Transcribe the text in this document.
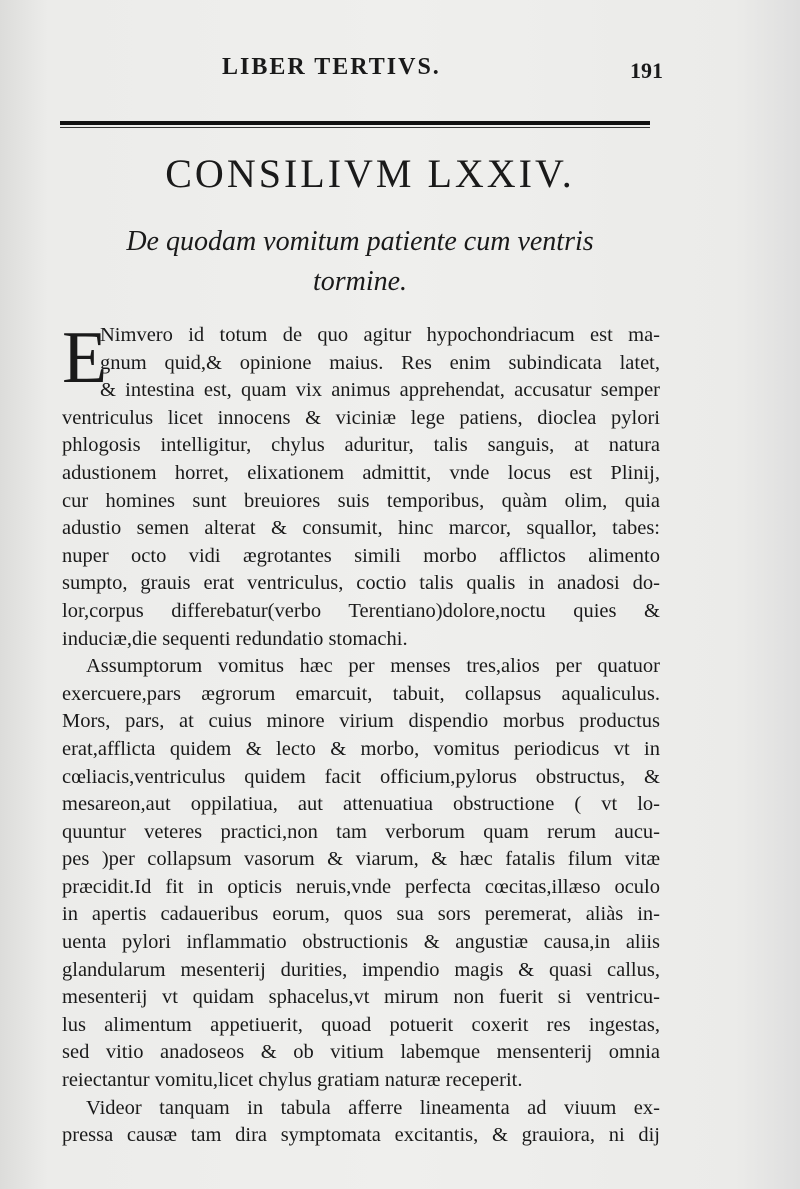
LIBER TERTIVS.	191
CONSILIVM LXXIV.
De quodam vomitum patiente cum ventris
tormine.
E
Nimvero id totum de quo agitur hypochondriacum est ma-
gnum quid,& opinione maius. Res enim subindicata latet,
& intestina est, quam vix animus apprehendat, accusatur semper
ventriculus licet innocens & viciniæ lege patiens, dioclea pylori
phlogosis intelligitur, chylus aduritur, talis sanguis, at natura
adustionem horret, elixationem admittit, vnde locus est Plinij,
cur homines sunt breuiores suis temporibus, quàm olim, quia
adustio semen alterat & consumit, hinc marcor, squallor, tabes:
nuper octo vidi ægrotantes simili morbo afflictos alimento
sumpto, grauis erat ventriculus, coctio talis qualis in anadosi do-
lor,corpus differebatur(verbo Terentiano)dolore,noctu quies &
induciæ,die sequenti redundatio stomachi.
Assumptorum vomitus hæc per menses tres,alios per quatuor
exercuere,pars ægrorum emarcuit, tabuit, collapsus aqualiculus.
Mors, pars, at cuius minore virium dispendio morbus productus
erat,afflicta quidem & lecto & morbo, vomitus periodicus vt in
cœliacis,ventriculus quidem facit officium,pylorus obstructus, &
mesareon,aut oppilatiua, aut attenuatiua obstructione ( vt lo-
quuntur veteres practici,non tam verborum quam rerum aucu-
pes )per collapsum vasorum & viarum, & hæc fatalis filum vitæ
præcidit.Id fit in opticis neruis,vnde perfecta cœcitas,illæso oculo
in apertis cadaueribus eorum, quos sua sors peremerat, aliàs in-
uenta pylori inflammatio obstructionis & angustiæ causa,in aliis
glandularum mesenterij durities, impendio magis & quasi callus,
mesenterij vt quidam sphacelus,vt mirum non fuerit si ventricu-
lus alimentum appetiuerit, quoad potuerit coxerit res ingestas,
sed vitio anadoseos & ob vitium labemque mensenterij omnia
reiectantur vomitu,licet chylus gratiam naturæ receperit.
Videor tanquam in tabula afferre lineamenta ad viuum ex-
pressa causæ tam dira symptomata excitantis, & grauiora, ni dij
